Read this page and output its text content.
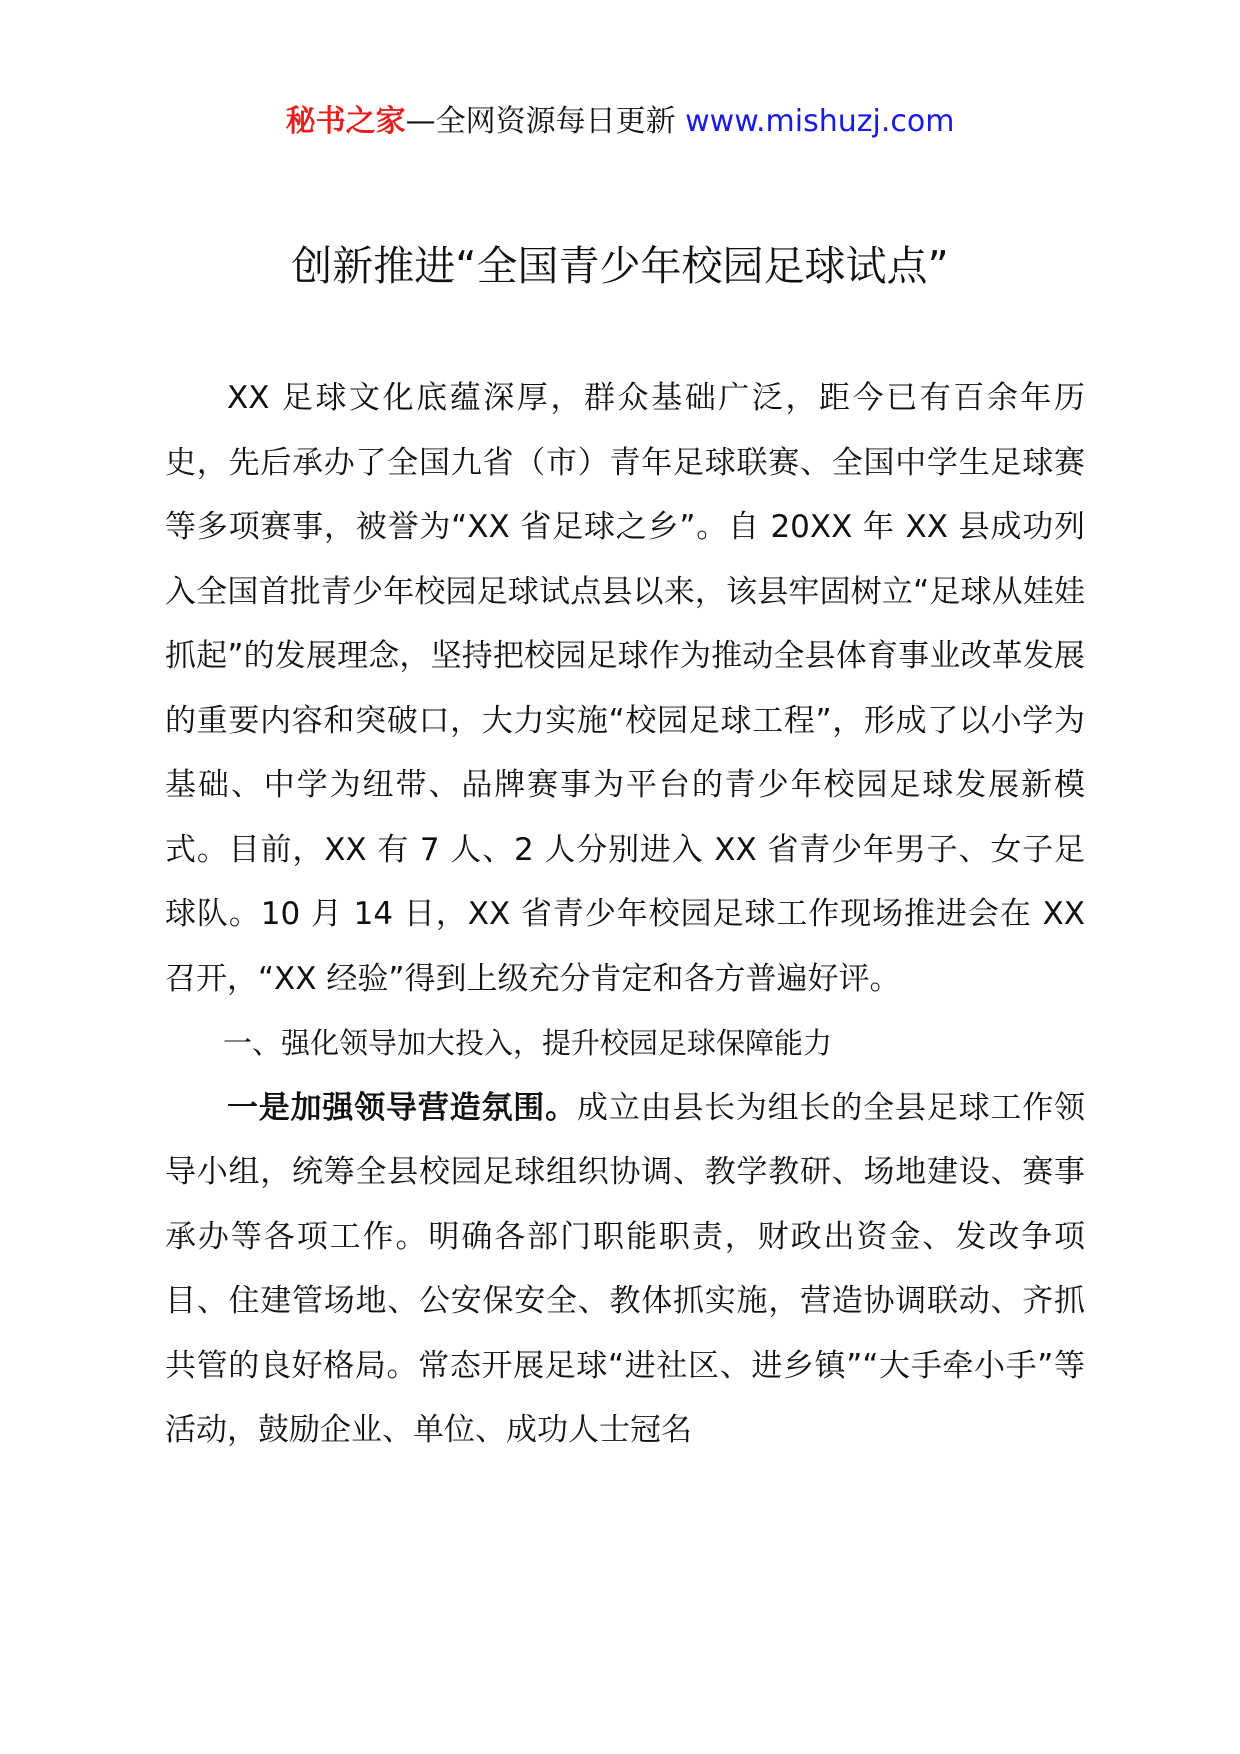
秘书之家—全网资源每日更新 www.mishuzj.com
创新推进“全国青少年校园足球试点”

XX 足球文化底蕴深厚，群众基础广泛，距今已有百余年历史，先后承办了全国九省（市）青年足球联赛、全国中学生足球赛等多项赛事，被誉为“XX 省足球之乡”。自 20XX 年 XX 县成功列入全国首批青少年校园足球试点县以来，该县牢固树立“足球从娃娃抓起”的发展理念，坚持把校园足球作为推动全县体育事业改革发展的重要内容和突破口，大力实施“校园足球工程”，形成了以小学为基础、中学为纽带、品牌赛事为平台的青少年校园足球发展新模式。目前，XX 有 7 人、2 人分别进入 XX 省青少年男子、女子足球队。10 月 14 日，XX 省青少年校园足球工作现场推进会在 XX 召开，“XX 经验”得到上级充分肯定和各方普遍好评。

一、强化领导加大投入，提升校园足球保障能力

一是加强领导营造氛围。成立由县长为组长的全县足球工作领导小组，统筹全县校园足球组织协调、教学教研、场地建设、赛事承办等各项工作。明确各部门职能职责，财政出资金、发改争项目、住建管场地、公安保安全、教体抓实施，营造协调联动、齐抓共管的良好格局。常态开展足球“进社区、进乡镇”“大手牵小手”等活动，鼓励企业、单位、成功人士冠名
